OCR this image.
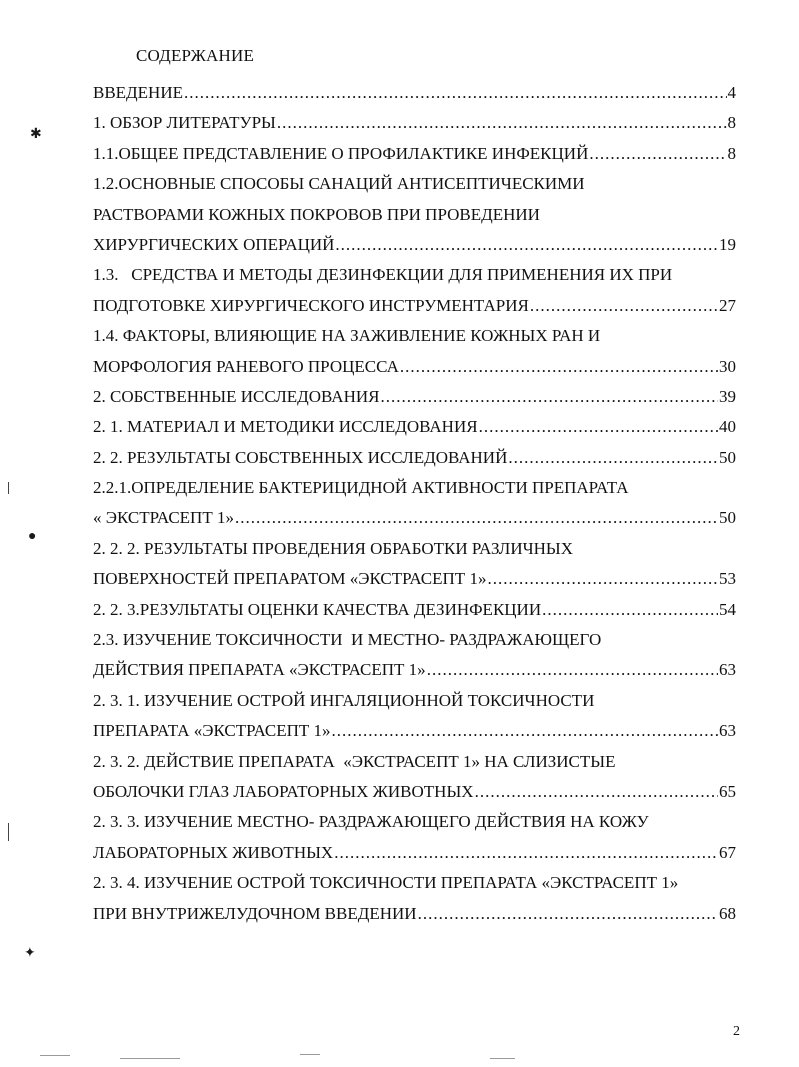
СОДЕРЖАНИЕ
ВВЕДЕНИЕ .....	4
1. ОБЗОР ЛИТЕРАТУРЫ .....	8
1.1.ОБЩЕЕ ПРЕДСТАВЛЕНИЕ О ПРОФИЛАКТИКЕ ИНФЕКЦИЙ .....	8
1.2.ОСНОВНЫЕ СПОСОБЫ САНАЦИЙ АНТИСЕПТИЧЕСКИМИ
РАСТВОРАМИ КОЖНЫХ ПОКРОВОВ ПРИ ПРОВЕДЕНИИ
ХИРУРГИЧЕСКИХ ОПЕРАЦИЙ .....	19
1.3.   СРЕДСТВА И МЕТОДЫ ДЕЗИНФЕКЦИИ ДЛЯ ПРИМЕНЕНИЯ ИХ ПРИ
ПОДГОТОВКЕ ХИРУРГИЧЕСКОГО ИНСТРУМЕНТАРИЯ .....	27
1.4. ФАКТОРЫ, ВЛИЯЮЩИЕ НА ЗАЖИВЛЕНИЕ КОЖНЫХ РАН И
МОРФОЛОГИЯ РАНЕВОГО ПРОЦЕССА .....	30
2. СОБСТВЕННЫЕ ИССЛЕДОВАНИЯ .....	39
2. 1. МАТЕРИАЛ И МЕТОДИКИ ИССЛЕДОВАНИЯ .....	40
2. 2. РЕЗУЛЬТАТЫ СОБСТВЕННЫХ ИССЛЕДОВАНИЙ .....	50
2.2.1.ОПРЕДЕЛЕНИЕ БАКТЕРИЦИДНОЙ АКТИВНОСТИ ПРЕПАРАТА
« ЭКСТРАСЕПТ 1» .....	50
2. 2. 2. РЕЗУЛЬТАТЫ ПРОВЕДЕНИЯ ОБРАБОТКИ РАЗЛИЧНЫХ
ПОВЕРХНОСТЕЙ ПРЕПАРАТОМ «ЭКСТРАСЕПТ 1» .....	53
2. 2. 3.РЕЗУЛЬТАТЫ ОЦЕНКИ КАЧЕСТВА ДЕЗИНФЕКЦИИ .....	54
2.3. ИЗУЧЕНИЕ ТОКСИЧНОСТИ  И МЕСТНО- РАЗДРАЖАЮЩЕГО
ДЕЙСТВИЯ ПРЕПАРАТА «ЭКСТРАСЕПТ 1» .....	63
2. 3. 1. ИЗУЧЕНИЕ ОСТРОЙ ИНГАЛЯЦИОННОЙ ТОКСИЧНОСТИ
ПРЕПАРАТА «ЭКСТРАСЕПТ 1» .....	63
2. 3. 2. ДЕЙСТВИЕ ПРЕПАРАТА  «ЭКСТРАСЕПТ 1» НА СЛИЗИСТЫЕ
ОБОЛОЧКИ ГЛАЗ ЛАБОРАТОРНЫХ ЖИВОТНЫХ .....	65
2. 3. 3. ИЗУЧЕНИЕ МЕСТНО- РАЗДРАЖАЮЩЕГО ДЕЙСТВИЯ НА КОЖУ
ЛАБОРАТОРНЫХ ЖИВОТНЫХ .....	67
2. 3. 4. ИЗУЧЕНИЕ ОСТРОЙ ТОКСИЧНОСТИ ПРЕПАРАТА «ЭКСТРАСЕПТ 1»
ПРИ ВНУТРИЖЕЛУДОЧНОМ ВВЕДЕНИИ .....	68
2
✱
●
✦
